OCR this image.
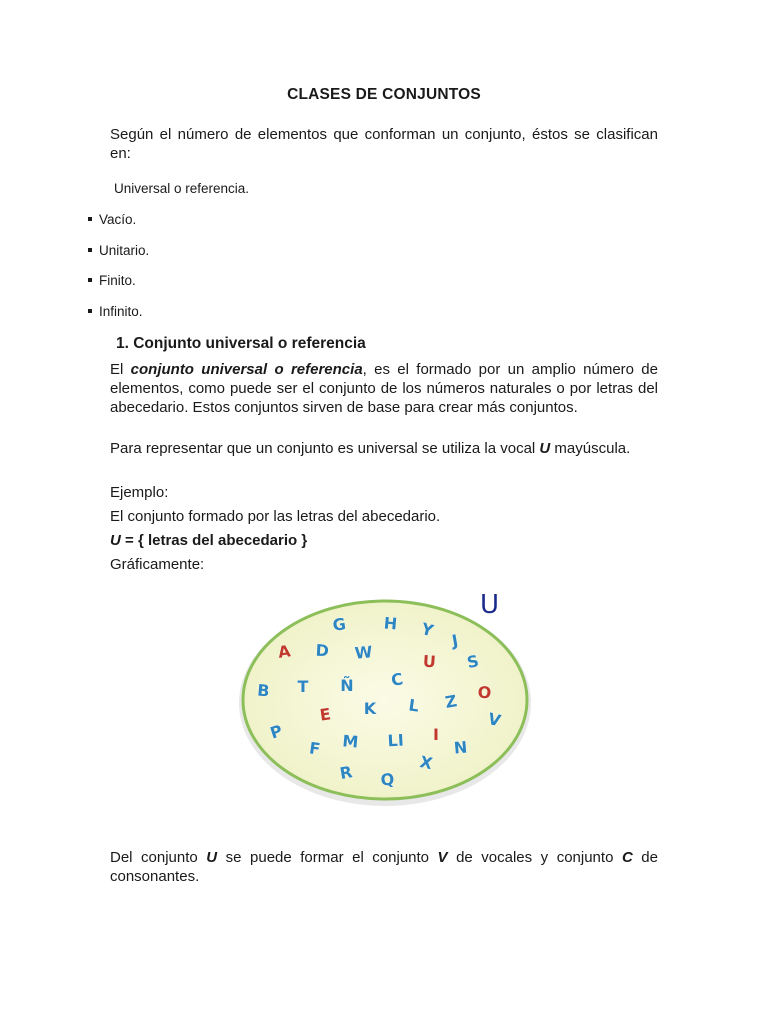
CLASES DE CONJUNTOS
Según el número de elementos que conforman un conjunto, éstos se clasifican en:
Universal o referencia.
Vacío.
Unitario.
Finito.
Infinito.
1. Conjunto universal o referencia
El conjunto universal o referencia, es el formado por un amplio número de elementos, como puede ser el conjunto de los números naturales o por letras del abecedario. Estos conjuntos sirven de base para crear más conjuntos.
Para representar que un conjunto es universal se utiliza la vocal U mayúscula.
Ejemplo:
El conjunto formado por las letras del abecedario.
U = { letras del abecedario }
Gráficamente:
U
G H Y
J
A D W	U S
B T Ñ C
O
E K L Z
V
P	M LI I
N
F
X
R Q
Del conjunto U se puede formar el conjunto V de vocales y conjunto C de consonantes.
